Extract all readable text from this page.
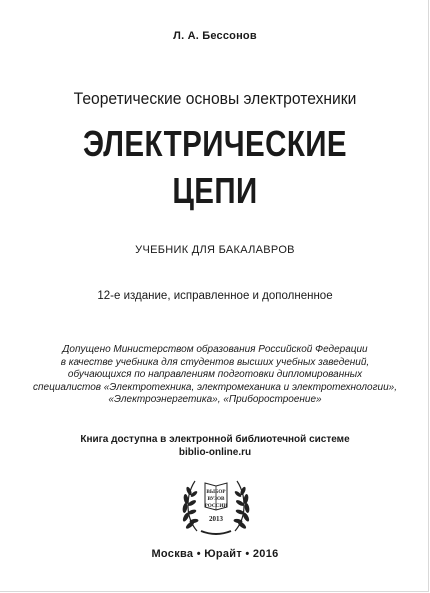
Л. А. Бессонов
Теоретические основы электротехники
ЭЛЕКТРИЧЕСКИЕ
ЦЕПИ
УЧЕБНИК ДЛЯ БАКАЛАВРОВ
12-е издание, исправленное и дополненное
Допущено Министерством образования Российской Федерации
в качестве учебника для студентов высших учебных заведений,
обучающихся по направлениям подготовки дипломированных
специалистов «Электротехника, электромеханика и электротехнологии»,
«Электроэнергетика», «Приборостроение»
Книга доступна в электронной библиотечной системе
biblio-online.ru
ВЫБОР
ВУЗОВ
РОССИИ
2013
Москва • Юрайт • 2016
